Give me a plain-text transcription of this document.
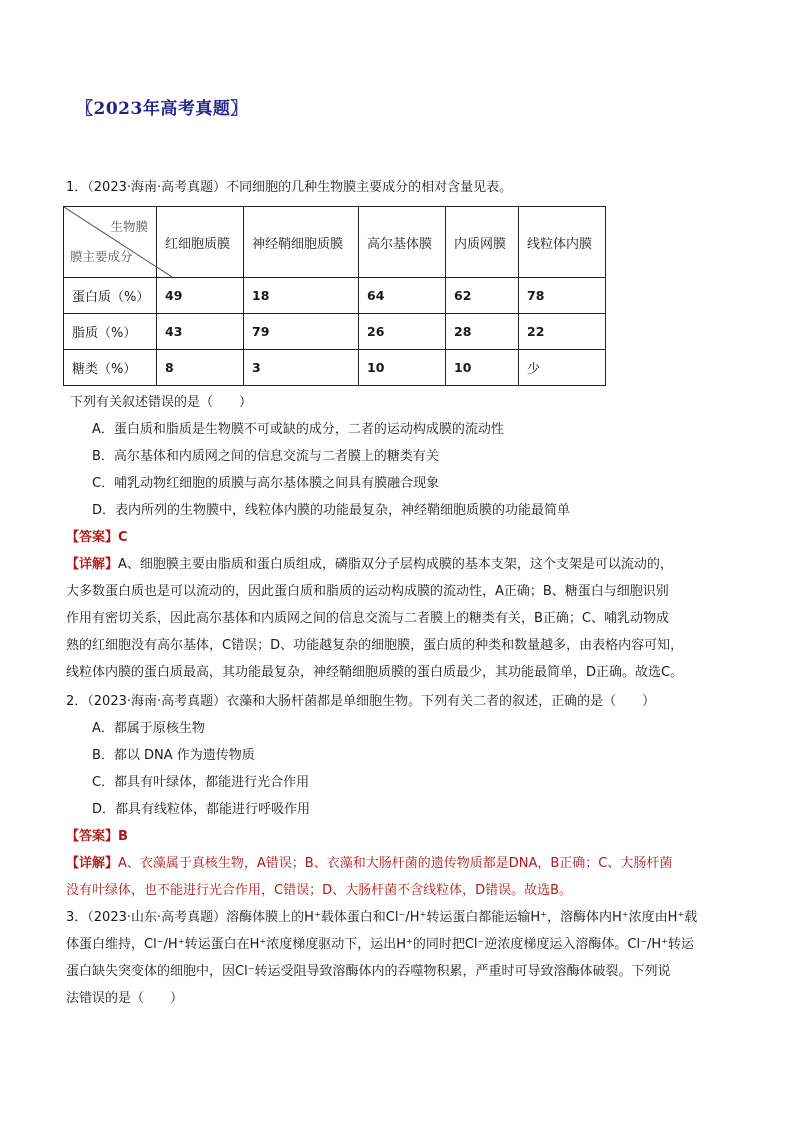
〖2023年高考真题〗
1．（2023·海南·高考真题）不同细胞的几种生物膜主要成分的相对含量见表。
生物膜
膜主要成分	红细胞质膜	神经鞘细胞质膜	高尔基体膜	内质网膜	线粒体内膜
蛋白质（%）	49	18	64	62	78
脂质（%）	43	79	26	28	22
糖类（%）	8	3	10	10	少
下列有关叙述错误的是（　　）
A．蛋白质和脂质是生物膜不可或缺的成分，二者的运动构成膜的流动性
B．高尔基体和内质网之间的信息交流与二者膜上的糖类有关
C．哺乳动物红细胞的质膜与高尔基体膜之间具有膜融合现象
D．表内所列的生物膜中，线粒体内膜的功能最复杂，神经鞘细胞质膜的功能最简单
【答案】C
【详解】A、细胞膜主要由脂质和蛋白质组成，磷脂双分子层构成膜的基本支架，这个支架是可以流动的，
大多数蛋白质也是可以流动的，因此蛋白质和脂质的运动构成膜的流动性，A正确；B、糖蛋白与细胞识别
作用有密切关系，因此高尔基体和内质网之间的信息交流与二者膜上的糖类有关，B正确；C、哺乳动物成
熟的红细胞没有高尔基体，C错误；D、功能越复杂的细胞膜，蛋白质的种类和数量越多，由表格内容可知，
线粒体内膜的蛋白质最高，其功能最复杂，神经鞘细胞质膜的蛋白质最少，其功能最简单，D正确。故选C。
2．（2023·海南·高考真题）衣藻和大肠杆菌都是单细胞生物。下列有关二者的叙述，正确的是（　　）
A．都属于原核生物
B．都以 DNA 作为遗传物质
C．都具有叶绿体，都能进行光合作用
D．都具有线粒体，都能进行呼吸作用
【答案】B
【详解】A、衣藻属于真核生物，A错误；B、衣藻和大肠杆菌的遗传物质都是DNA，B正确；C、大肠杆菌
没有叶绿体，也不能进行光合作用，C错误；D、大肠杆菌不含线粒体，D错误。故选B。
3．（2023·山东·高考真题）溶酶体膜上的H⁺载体蛋白和Cl⁻/H⁺转运蛋白都能运输H⁺，溶酶体内H⁺浓度由H⁺载
体蛋白维持，Cl⁻/H⁺转运蛋白在H⁺浓度梯度驱动下，运出H⁺的同时把Cl⁻逆浓度梯度运入溶酶体。Cl⁻/H⁺转运
蛋白缺失突变体的细胞中，因Cl⁻转运受阻导致溶酶体内的吞噬物积累，严重时可导致溶酶体破裂。下列说
法错误的是（　　）
